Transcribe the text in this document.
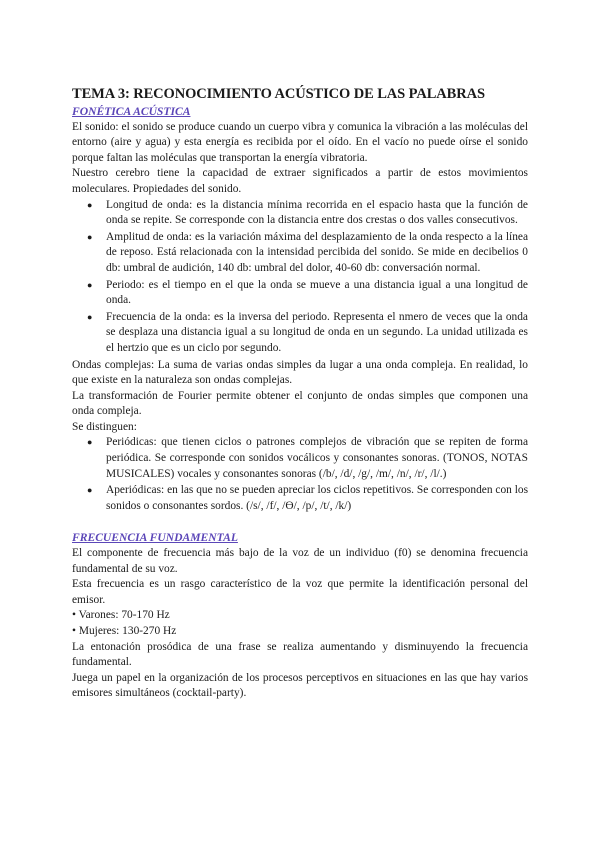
TEMA 3: RECONOCIMIENTO ACÚSTICO DE LAS PALABRAS
FONÉTICA ACÚSTICA

El sonido: el sonido se produce cuando un cuerpo vibra y comunica la vibración a las moléculas del entorno (aire y agua) y esta energía es recibida por el oído. En el vacío no puede oírse el sonido porque faltan las moléculas que transportan la energía vibratoria.

Nuestro cerebro tiene la capacidad de extraer significados a partir de estos movimientos moleculares. Propiedades del sonido.

● Longitud de onda: es la distancia mínima recorrida en el espacio hasta que la función de onda se repite. Se corresponde con la distancia entre dos crestas o dos valles consecutivos.
● Amplitud de onda: es la variación máxima del desplazamiento de la onda respecto a la línea de reposo. Está relacionada con la intensidad percibida del sonido. Se mide en decibelios 0 db: umbral de audición, 140 db: umbral del dolor, 40-60 db: conversación normal.
● Periodo: es el tiempo en el que la onda se mueve a una distancia igual a una longitud de onda.
● Frecuencia de la onda: es la inversa del periodo. Representa el nmero de veces que la onda se desplaza una distancia igual a su longitud de onda en un segundo. La unidad utilizada es el hertzio que es un ciclo por segundo.

Ondas complejas: La suma de varias ondas simples da lugar a una onda compleja. En realidad, lo que existe en la naturaleza son ondas complejas.

La transformación de Fourier permite obtener el conjunto de ondas simples que componen una onda compleja.

Se distinguen:

● Periódicas: que tienen ciclos o patrones complejos de vibración que se repiten de forma periódica. Se corresponde con sonidos vocálicos y consonantes sonoras. (TONOS, NOTAS MUSICALES) vocales y consonantes sonoras (/b/, /d/, /g/, /m/, /n/, /r/, /l/.)
● Aperiódicas: en las que no se pueden apreciar los ciclos repetitivos. Se corresponden con los sonidos o consonantes sordos. (/s/, /f/, /Ө/, /p/, /t/, /k/)
FRECUENCIA FUNDAMENTAL

El componente de frecuencia más bajo de la voz de un individuo (f0) se denomina frecuencia fundamental de su voz.

Esta frecuencia es un rasgo característico de la voz que permite la identificación personal del emisor.

• Varones: 70-170 Hz

• Mujeres: 130-270 Hz

La entonación prosódica de una frase se realiza aumentando y disminuyendo la frecuencia fundamental.

Juega un papel en la organización de los procesos perceptivos en situaciones en las que hay varios emisores simultáneos (cocktail-party).
